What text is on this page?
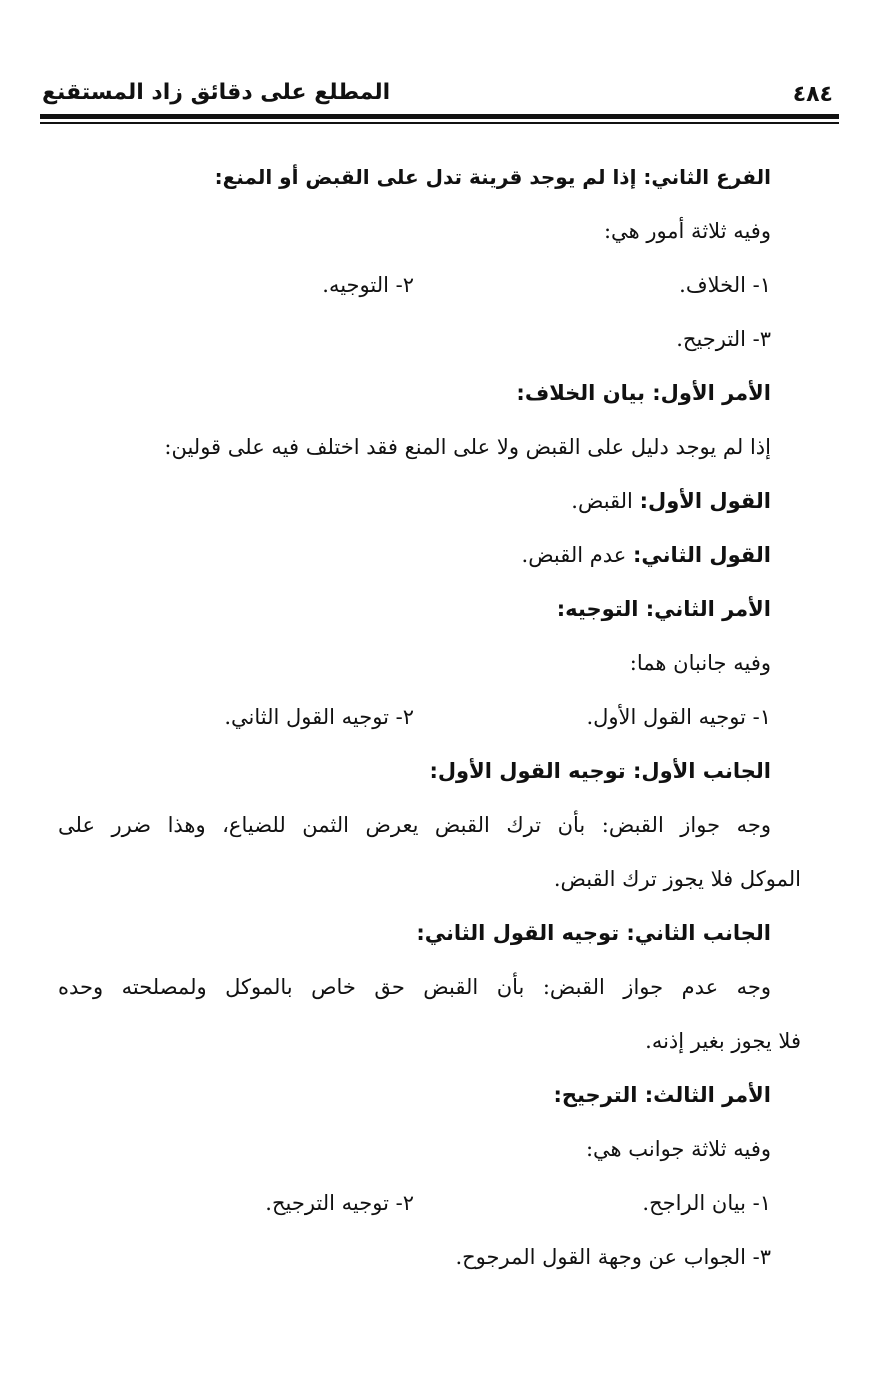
٤٨٤
المطلع على دقائق زاد المستقنع
الفرع الثاني: إذا لم يوجد قرينة تدل على القبض أو المنع:
وفيه ثلاثة أمور هي:
١- الخلاف.
٢- التوجيه.
٣- الترجيح.
الأمر الأول: بيان الخلاف:
إذا لم يوجد دليل على القبض ولا على المنع فقد اختلف فيه على قولين:
القول الأول: القبض.
القول الثاني: عدم القبض.
الأمر الثاني: التوجيه:
وفيه جانبان هما:
١- توجيه القول الأول.
٢- توجيه القول الثاني.
الجانب الأول: توجيه القول الأول:
وجه جواز القبض: بأن ترك القبض يعرض الثمن للضياع، وهذا ضرر على
الموكل فلا يجوز ترك القبض.
الجانب الثاني: توجيه القول الثاني:
وجه عدم جواز القبض: بأن القبض حق خاص بالموكل ولمصلحته وحده
فلا يجوز بغير إذنه.
الأمر الثالث: الترجيح:
وفيه ثلاثة جوانب هي:
١- بيان الراجح.
٢- توجيه الترجيح.
٣- الجواب عن وجهة القول المرجوح.
